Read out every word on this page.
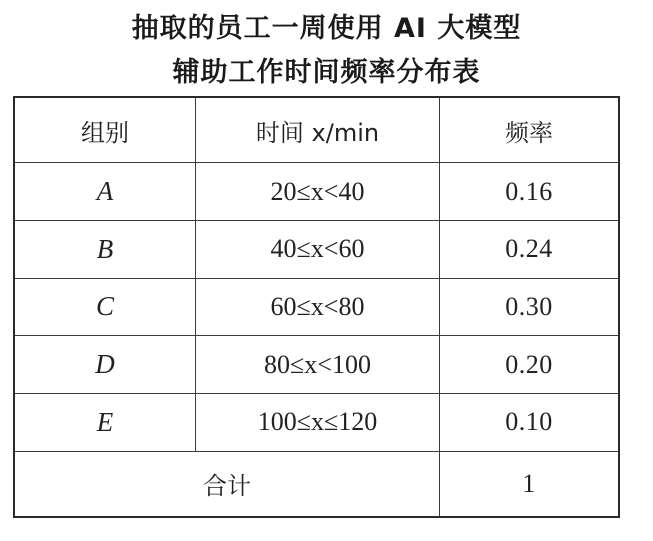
抽取的员工一周使用 AI 大模型
辅助工作时间频率分布表
组别	时间 x/min	频率
A	20≤x<40	0.16
B	40≤x<60	0.24
C	60≤x<80	0.30
D	80≤x<100	0.20
E	100≤x≤120	0.10
合计		1
